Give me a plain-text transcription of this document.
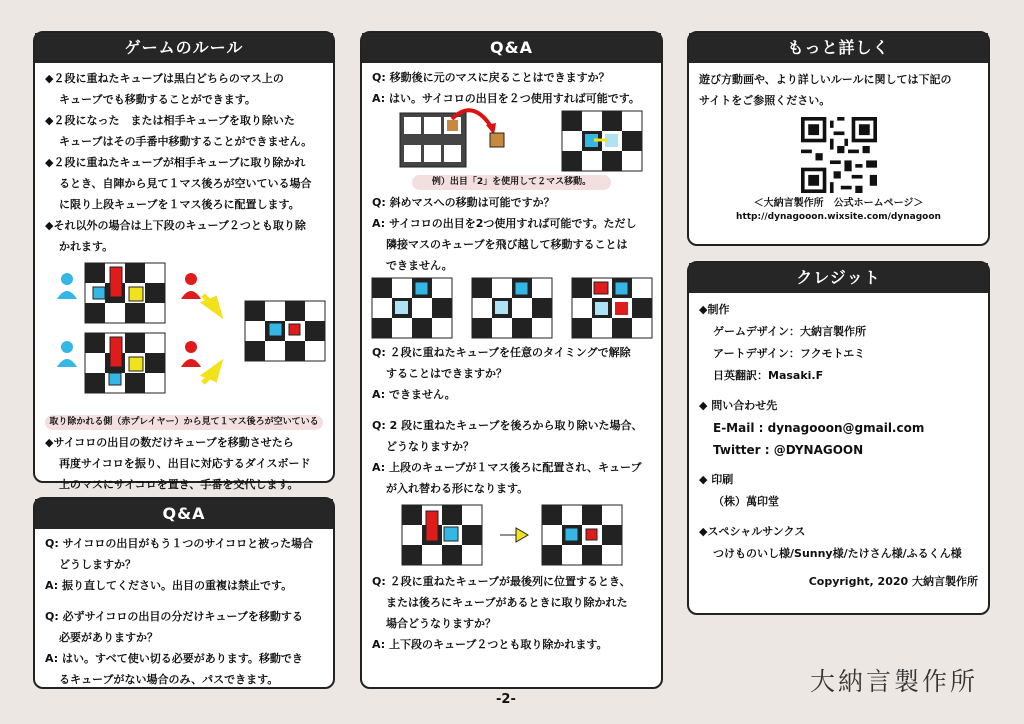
ゲームのルール
◆２段に重ねたキューブは黒白どちらのマス上の
キューブでも移動することができます。
◆２段になった　または相手キューブを取り除いた
キューブはその手番中移動することができません。
◆２段に重ねたキューブが相手キューブに取り除かれ
るとき、自陣から見て１マス後ろが空いている場合
に限り上段キューブを１マス後ろに配置します。
◆それ以外の場合は上下段のキューブ２つとも取り除
かれます。
取り除かれる側（赤プレイヤー）から見て１マス後ろが空いている
◆サイコロの出目の数だけキューブを移動させたら
再度サイコロを振り、出目に対応するダイスボード
上のマスにサイコロを置き、手番を交代します。
Q&A
Q: サイコロの出目がもう１つのサイコロと被った場合
どうしますか？
A: 振り直してください。出目の重複は禁止です。
Q: 必ずサイコロの出目の分だけキューブを移動する
必要がありますか？
A: はい。すべて使い切る必要があります。移動でき
るキューブがない場合のみ、パスできます。
Q&A
Q: 移動後に元のマスに戻ることはできますか？
A: はい。サイコロの出目を２つ使用すれば可能です。
例）出目「2」を使用して２マス移動。
Q: 斜めマスへの移動は可能ですか？
A: サイコロの出目を2つ使用すれば可能です。ただし
隣接マスのキューブを飛び越して移動することは
できません。
Q: ２段に重ねたキューブを任意のタイミングで解除
することはできますか？
A: できません。
Q: 2 段に重ねたキューブを後ろから取り除いた場合、
どうなりますか？
A: 上段のキューブが１マス後ろに配置され、キューブ
が入れ替わる形になります。
Q: ２段に重ねたキューブが最後列に位置するとき、
または後ろにキューブがあるときに取り除かれた
場合どうなりますか？
A: 上下段のキューブ２つとも取り除かれます。
もっと詳しく
遊び方動画や、より詳しいルールに関しては下記の
サイトをご参照ください。
＜大納言製作所　公式ホームページ＞
http://dynagooon.wixsite.com/dynagoon
クレジット
◆制作
ゲームデザイン：大納言製作所
アートデザイン：フクモトエミ
日英翻訳：Masaki.F
◆ 問い合わせ先
E-Mail : dynagooon@gmail.com
Twitter : @DYNAGOON
◆ 印刷
（株）萬印堂
◆スペシャルサンクス
つけものいし様/Sunny様/たけさん様/ふるくん様
Copyright, 2020 大納言製作所
-2-
大納言製作所
